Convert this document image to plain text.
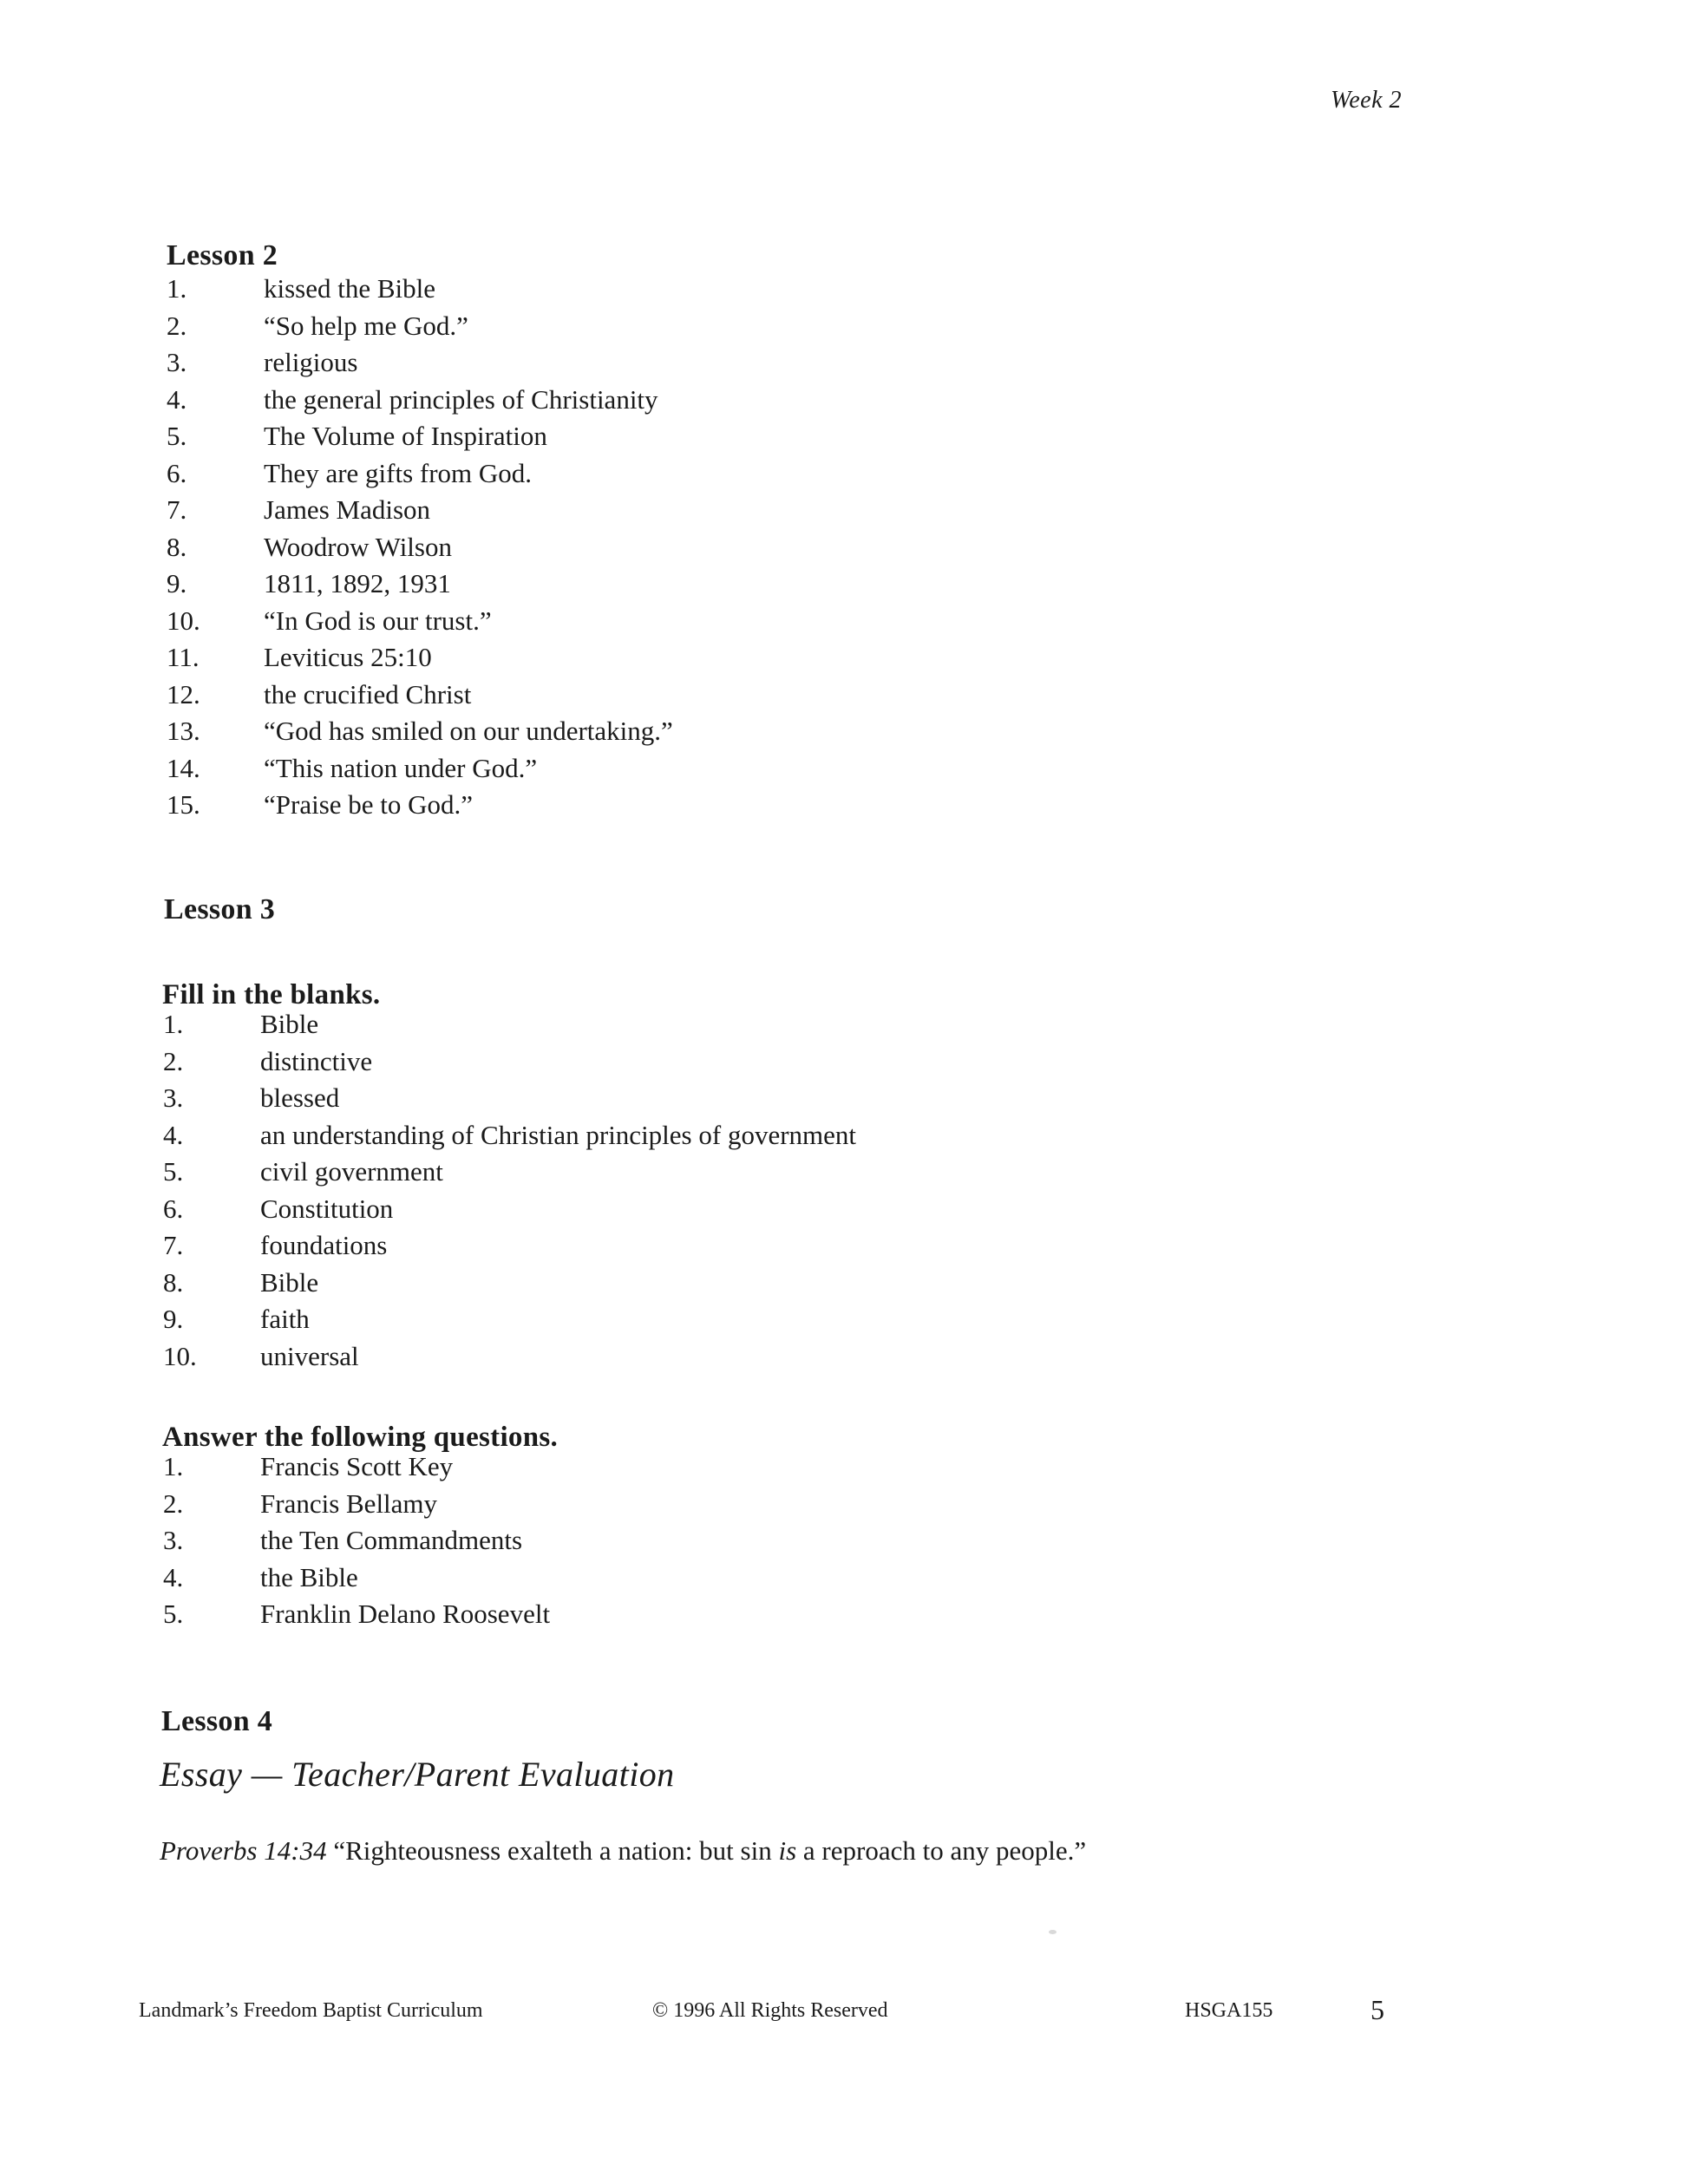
Week 2
Lesson 2
1.	kissed the Bible
2.	“So help me God.”
3.	religious
4.	the general principles of Christianity
5.	The Volume of Inspiration
6.	They are gifts from God.
7.	James Madison
8.	Woodrow Wilson
9.	1811, 1892, 1931
10.	“In God is our trust.”
11.	Leviticus 25:10
12.	the crucified Christ
13.	“God has smiled on our undertaking.”
14.	“This nation under God.”
15.	“Praise be to God.”
Lesson 3
Fill in the blanks.
1.	Bible
2.	distinctive
3.	blessed
4.	an understanding of Christian principles of government
5.	civil government
6.	Constitution
7.	foundations
8.	Bible
9.	faith
10.	universal
Answer the following questions.
1.	Francis Scott Key
2.	Francis Bellamy
3.	the Ten Commandments
4.	the Bible
5.	Franklin Delano Roosevelt
Lesson 4
Essay — Teacher/Parent Evaluation
Proverbs 14:34 “Righteousness exalteth a nation: but sin is a reproach to any people.”
Landmark’s Freedom Baptist Curriculum	© 1996 All Rights Reserved	HSGA155	5
